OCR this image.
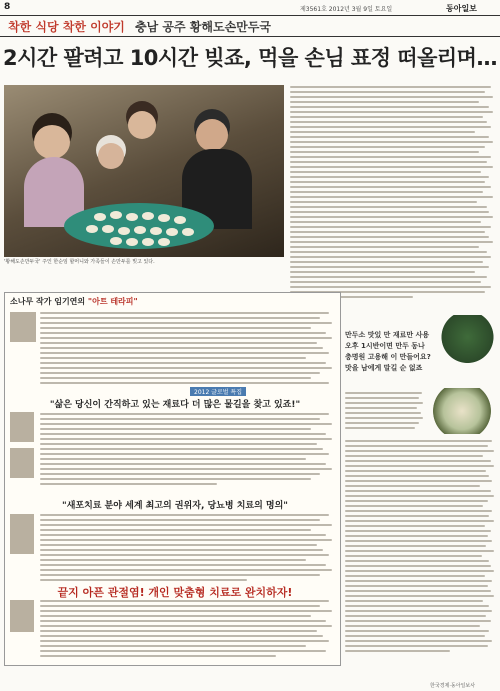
8	제3561호 2012년 3월 9일 토요일	동아일보
착한 식당 착한 이야기 충남 공주 황해도손만두국
2시간 팔려고 10시간 빚죠, 먹을 손님 표정 떠올리며…
'황해도손만두국' 주인 한순임 할머니와 가족들이 손만두를 빚고 있다.
만두소 맛있 만 재료만 사용
오후 1시반이면 만두 동나
충명원 고용해 이 만들어요?
맛을 남에게 말길 순 없죠
소나무 작가 임기연의 "아트 테라피"
2012 글로벌 특집
"삶은 당신이 간직하고 있는 재료다 더 많은 물길을 찾고 있죠!"
"새포치료 분야 세계 최고의 권위자, 당뇨병 치료의 명의"
끝지 아픈 관절염! 개인 맞춤형 치료로 완치하자!
한국경제·동아일보사
